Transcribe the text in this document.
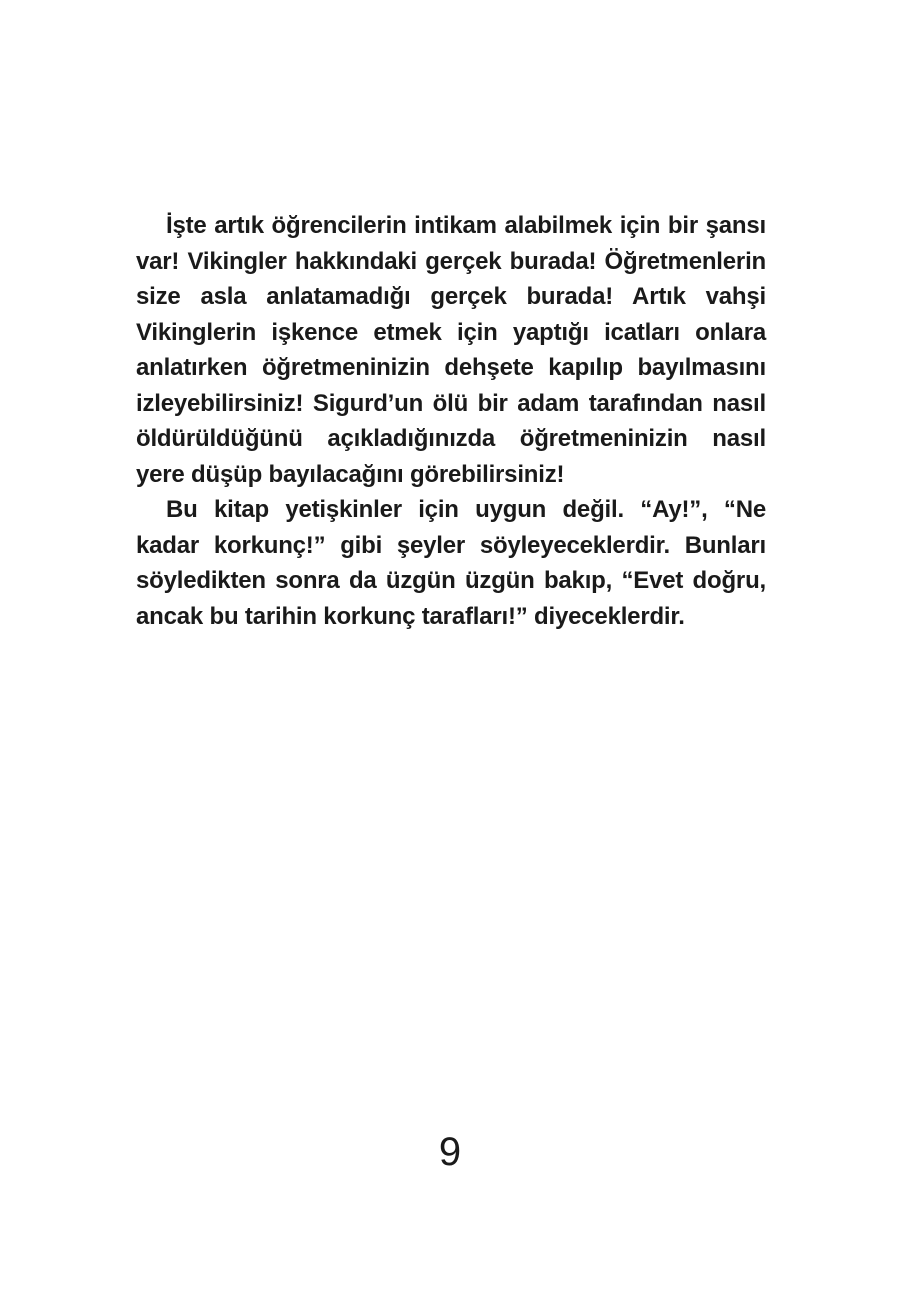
İşte artık öğrencilerin intikam alabilmek için bir şansı var! Vikingler hakkındaki gerçek burada! Öğretmenlerin size asla anlatamadığı gerçek burada! Artık vahşi Vikinglerin işkence etmek için yaptığı icatları onlara anlatırken öğretmeninizin dehşete kapılıp bayılmasını izleyebilirsiniz! Sigurd’un ölü bir adam tarafından nasıl öldürüldüğünü açıkladığınızda öğretmeninizin nasıl yere düşüp bayılacağını görebilirsiniz!

Bu kitap yetişkinler için uygun değil. “Ay!”, “Ne kadar korkunç!” gibi şeyler söyleyeceklerdir. Bunları söyledikten sonra da üzgün üzgün bakıp, “Evet doğru, ancak bu tarihin korkunç tarafları!” diyeceklerdir.

9
